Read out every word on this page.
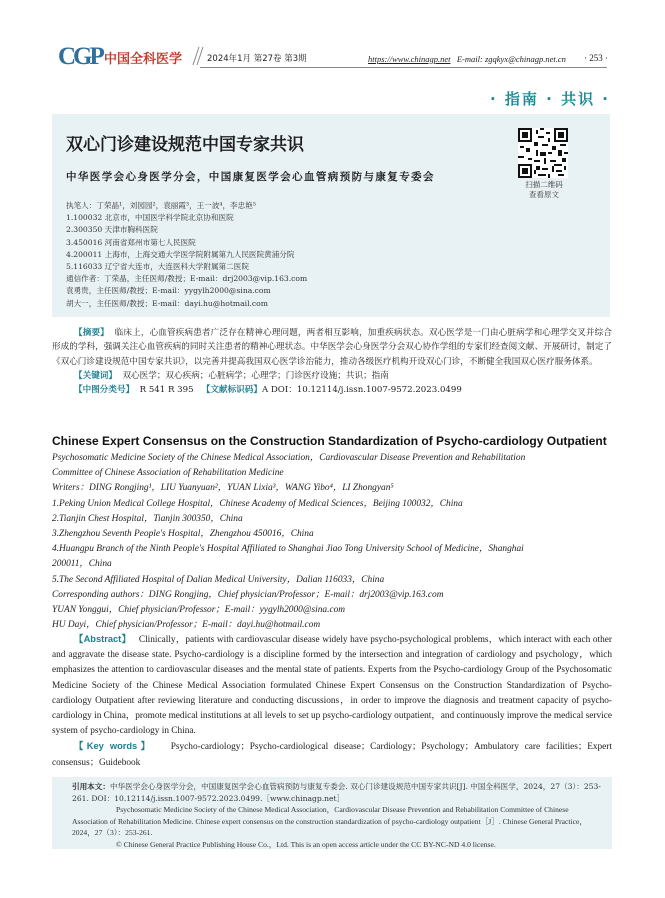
CGP 中国全科医学	2024年1月 第27卷 第3期	https://www.chinagp.net E-mail: zgqkyx@chinagp.net.cn · 253 ·
· 指南 · 共识 ·
双心门诊建设规范中国专家共识
中华医学会心身医学分会，中国康复医学会心血管病预防与康复专委会
扫描二维码
查看原文
执笔人：丁荣晶¹，刘园园²，袁丽霞³，王一波⁴，李忠艳⁵
1.100032 北京市，中国医学科学院北京协和医院
2.300350 天津市胸科医院
3.450016 河南省郑州市第七人民医院
4.200011 上海市，上海交通大学医学院附属第九人民医院黄浦分院
5.116033 辽宁省大连市，大连医科大学附属第二医院
通信作者：丁荣晶，主任医师/教授；E-mail：drj2003@vip.163.com
袁勇贵，主任医师/教授；E-mail：yygylh2000@sina.com
胡大一，主任医师/教授；E-mail：dayi.hu@hotmail.com

【摘要】 临床上，心血管疾病患者广泛存在精神心理问题，两者相互影响，加重疾病状态。双心医学是一门由心脏病学和心理学交叉并综合形成的学科，强调关注心血管疾病的同时关注患者的精神心理状态。中华医学会心身医学分会双心协作学组的专家们经查阅文献、开展研讨，制定了《双心门诊建设规范中国专家共识》，以完善并提高我国双心医学诊治能力，推动各级医疗机构开设双心门诊，不断健全我国双心医疗服务体系。

【关键词】 双心医学；双心疾病；心脏病学；心理学；门诊医疗设施；共识；指南

【中图分类号】 R 541 R 395 【文献标识码】A DOI：10.12114/j.issn.1007-9572.2023.0499

Chinese Expert Consensus on the Construction Standardization of Psycho-cardiology Outpatient
Psychosomatic Medicine Society of the Chinese Medical Association，Cardiovascular Disease Prevention and Rehabilitation
Committee of Chinese Association of Rehabilitation Medicine
Writers：DING Rongjing¹，LIU Yuanyuan²，YUAN Lixia³，WANG Yibo⁴，LI Zhongyan⁵
1.Peking Union Medical College Hospital，Chinese Academy of Medical Sciences，Beijing 100032，China
2.Tianjin Chest Hospital，Tianjin 300350，China
3.Zhengzhou Seventh People's Hospital，Zhengzhou 450016，China
4.Huangpu Branch of the Ninth People's Hospital Affiliated to Shanghai Jiao Tong University School of Medicine，Shanghai
200011，China
5.The Second Affiliated Hospital of Dalian Medical University，Dalian 116033，China
Corresponding authors：DING Rongjing，Chief physician/Professor；E-mail：drj2003@vip.163.com
YUAN Yonggui，Chief physician/Professor；E-mail：yygylh2000@sina.com
HU Dayi，Chief physician/Professor；E-mail：dayi.hu@hotmail.com

【Abstract】 Clinically，patients with cardiovascular disease widely have psycho-psychological problems，which interact with each other and aggravate the disease state. Psycho-cardiology is a discipline formed by the intersection and integration of cardiology and psychology，which emphasizes the attention to cardiovascular diseases and the mental state of patients. Experts from the Psycho-cardiology Group of the Psychosomatic Medicine Society of the Chinese Medical Association formulated Chinese Expert Consensus on the Construction Standardization of Psycho-cardiology Outpatient after reviewing literature and conducting discussions，in order to improve the diagnosis and treatment capacity of psycho-cardiology in China，promote medical institutions at all levels to set up psycho-cardiology outpatient，and continuously improve the medical service system of psycho-cardiology in China.

【Key words】 Psycho-cardiology；Psycho-cardiological disease；Cardiology；Psychology；Ambulatory care facilities；Expert consensus；Guidebook

引用本文：中华医学会心身医学分会，中国康复医学会心血管病预防与康复专委会. 双心门诊建设规范中国专家共识[J]. 中国全科医学，2024，27（3）：253-261. DOI：10.12114/j.issn.1007-9572.2023.0499.［www.chinagp.net］

Psychosomatic Medicine Society of the Chinese Medical Association，Cardiovascular Disease Prevention and Rehabilitation Committee of Chinese Association of Rehabilitation Medicine. Chinese expert consensus on the construction standardization of psycho-cardiology outpatient［J］. Chinese General Practice，2024，27（3）：253-261.

© Chinese General Practice Publishing House Co.，Ltd. This is an open access article under the CC BY-NC-ND 4.0 license.
